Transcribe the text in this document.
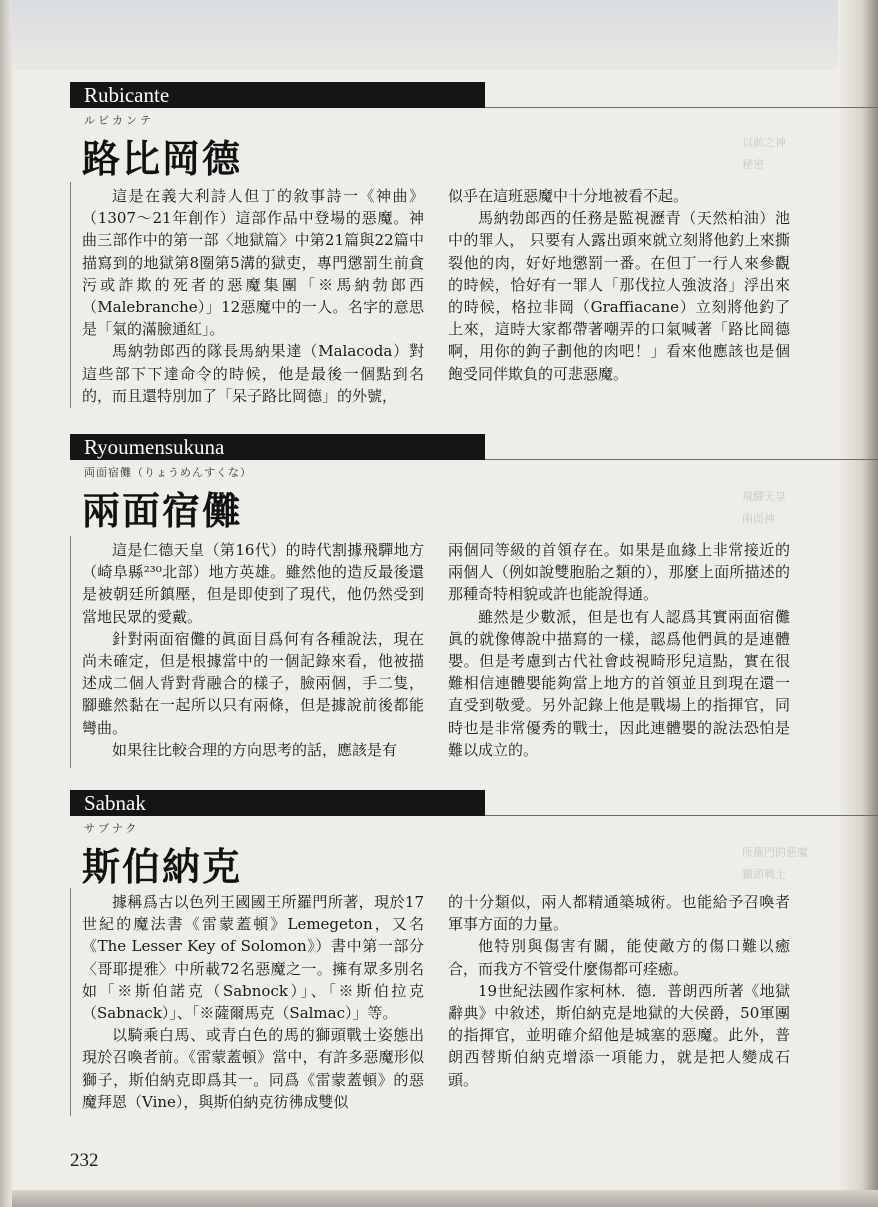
Rubicante
ルビカンテ
路比岡德

這是在義大利詩人但丁的敘事詩一《神曲》（1307～21年創作）這部作品中登場的惡魔。神曲三部作中的第一部〈地獄篇〉中第21篇與22篇中描寫到的地獄第8圈第5溝的獄吏，專門懲罰生前貪污或詐欺的死者的惡魔集團「※馬納勃郎西（Malebranche）」12惡魔中的一人。名字的意思是「氣的滿臉通紅」。

馬納勃郎西的隊長馬納果達（Malacoda）對這些部下下達命令的時候，他是最後一個點到名的，而且還特別加了「呆子路比岡德」的外號，

似乎在這班惡魔中十分地被看不起。

馬納勃郎西的任務是監視瀝青（天然柏油）池中的罪人， 只要有人露出頭來就立刻將他釣上來撕裂他的肉，好好地懲罰一番。在但丁一行人來參觀的時候，恰好有一罪人「那伐拉人強波洛」浮出來的時候，格拉非岡（Graffiacane）立刻將他釣了上來，這時大家都帶著嘲弄的口氣喊著「路比岡德啊，用你的鉤子劃他的肉吧！」看來他應該也是個飽受同伴欺負的可悲惡魔。

以前之神
秘密
Ryoumensukuna
両面宿儺（りょうめんすくな）
兩面宿儺

這是仁德天皇（第16代）的時代割據飛驒地方（崎阜縣²³⁰北部）地方英雄。雖然他的造反最後還是被朝廷所鎮壓，但是即使到了現代，他仍然受到當地民眾的愛戴。

針對兩面宿儺的眞面目爲何有各種說法，現在尚未確定，但是根據當中的一個記錄來看，他被描述成二個人背對背融合的樣子，臉兩個，手二隻，腳雖然黏在一起所以只有兩條，但是據說前後都能彎曲。

如果往比較合理的方向思考的話，應該是有

兩個同等級的首領存在。如果是血緣上非常接近的兩個人（例如說雙胞胎之類的），那麼上面所描述的那種奇特相貌或許也能說得通。

雖然是少數派，但是也有人認爲其實兩面宿儺眞的就像傳說中描寫的一樣，認爲他們眞的是連體嬰。但是考慮到古代社會歧視畸形兒這點，實在很難相信連體嬰能夠當上地方的首領並且到現在還一直受到敬愛。另外記錄上他是戰場上的指揮官，同時也是非常優秀的戰士，因此連體嬰的說法恐怕是難以成立的。

飛驒天皇
兩面神
Sabnak
サブナク
斯伯納克

據稱爲古以色列王國國王所羅門所著，現於17世紀的魔法書《雷蒙蓋頓》Lemegeton，又名《The Lesser Key of Solomon》）書中第一部分〈哥耶提雅〉中所載72名惡魔之一。擁有眾多別名如「※斯伯諾克（Sabnock）」、「※斯伯拉克（Sabnack）」、「※薩爾馬克（Salmac）」等。

以騎乘白馬、或青白色的馬的獅頭戰士姿態出現於召喚者前。《雷蒙蓋頓》當中，有許多惡魔形似獅子，斯伯納克即爲其一。同爲《雷蒙蓋頓》的惡魔拜恩（Vine），與斯伯納克彷彿成雙似

的十分類似，兩人都精通築城術。也能給予召喚者軍事方面的力量。

他特別與傷害有關，能使敵方的傷口難以癒合，而我方不管受什麼傷都可痊癒。

19世紀法國作家柯林．德．普朗西所著《地獄辭典》中敘述，斯伯納克是地獄的大侯爵，50軍團的指揮官，並明確介紹他是城塞的惡魔。此外，普朗西替斯伯納克增添一項能力，就是把人變成石頭。

所羅門的惡魔
獅頭戰士
232
